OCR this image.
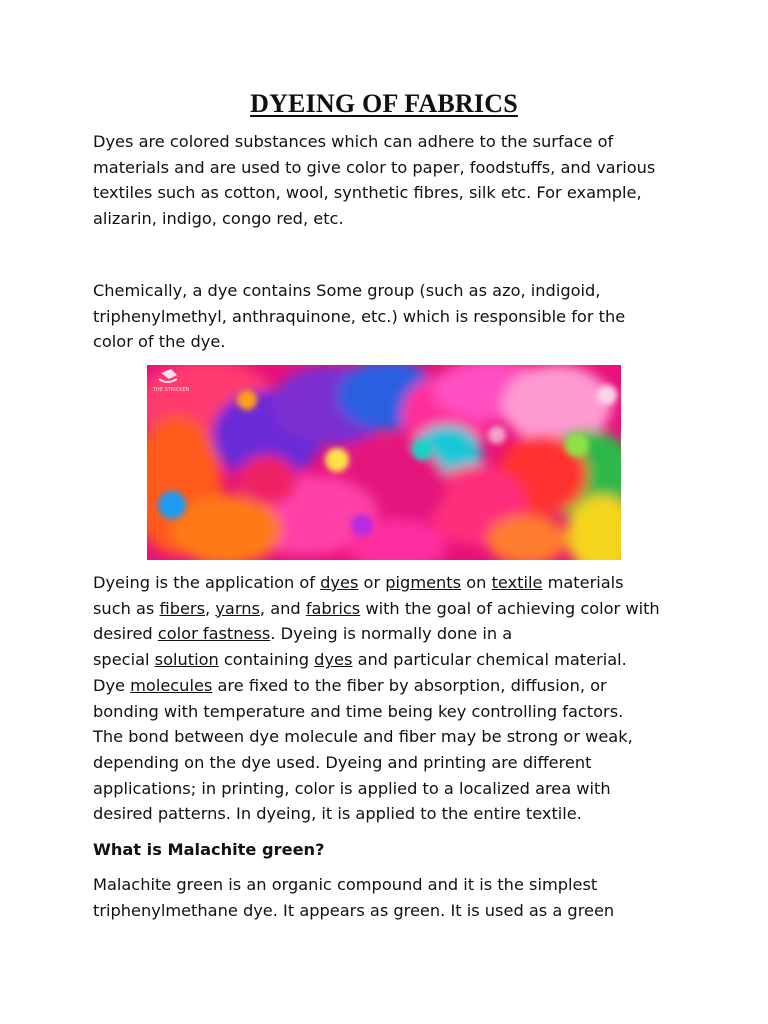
DYEING OF FABRICS

Dyes are colored substances which can adhere to the surface of
materials and are used to give color to paper, foodstuffs, and various
textiles such as cotton, wool, synthetic fibres, silk etc. For example,
alizarin, indigo, congo red, etc.

Chemically, a dye contains Some group (such as azo, indigoid,
triphenylmethyl, anthraquinone, etc.) which is responsible for the
color of the dye.

THE STRICKEN

Dyeing is the application of dyes or pigments on textile materials
such as fibers, yarns, and fabrics with the goal of achieving color with
desired color fastness. Dyeing is normally done in a
special solution containing dyes and particular chemical material.
Dye molecules are fixed to the fiber by absorption, diffusion, or
bonding with temperature and time being key controlling factors.
The bond between dye molecule and fiber may be strong or weak,
depending on the dye used. Dyeing and printing are different
applications; in printing, color is applied to a localized area with
desired patterns. In dyeing, it is applied to the entire textile.

What is Malachite green?

Malachite green is an organic compound and it is the simplest
triphenylmethane dye. It appears as green. It is used as a green
